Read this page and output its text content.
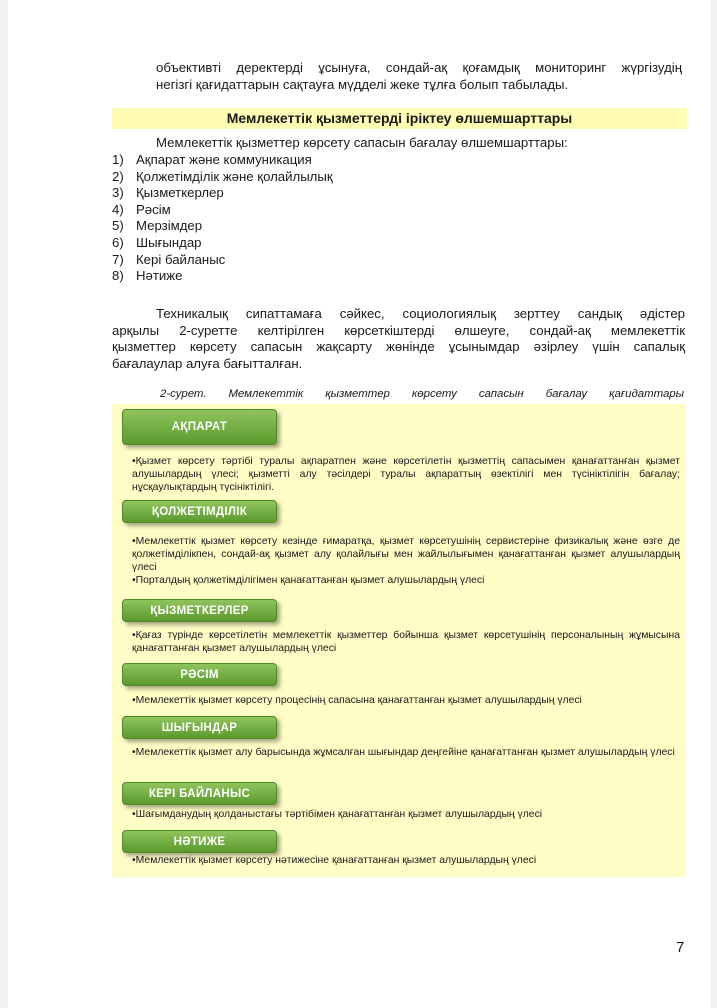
объективті деректерді ұсынуға, сондай-ақ қоғамдық мониторинг жүргізудің
негізгі қағидаттарын сақтауға мүдделі жеке тұлға болып табылады.

Мемлекеттік қызметтерді іріктеу өлшемшарттары
Мемлекеттік қызметтер көрсету сапасын бағалау өлшемшарттары:
1) Ақпарат және коммуникация
2) Қолжетімділік және қолайлылық
3) Қызметкерлер
4) Рәсім
5) Мерзімдер
6) Шығындар
7) Кері байланыс
8) Нәтиже

Техникалық сипаттамаға сәйкес, социологиялық зерттеу сандық әдістер
арқылы 2-суретте келтірілген көрсеткіштерді өлшеуге, сондай-ақ мемлекеттік
қызметтер көрсету сапасын жақсарту жөнінде ұсынымдар әзірлеу үшін сапалық
бағалаулар алуға бағытталған.

2-сурет. Мемлекеттік қызметтер көрсету сапасын бағалау қағидаттары
АҚПАРАТ
•Қызмет көрсету тәртібі туралы ақпаратпен және көрсетілетін қызметтің сапасымен қанағаттанған қызмет алушылардың үлесі; қызметті алу тәсілдері туралы ақпараттың өзектілігі мен түсініктілігін бағалау; нұсқаулықтардың түсініктілігі.
ҚОЛЖЕТІМДІЛІК
•Мемлекеттік қызмет көрсету кезінде ғимаратқа, қызмет көрсетушінің сервистеріне физикалық және өзге де қолжетімділікпен, сондай-ақ қызмет алу қолайлығы мен жайлылығымен қанағаттанған қызмет алушылардың үлесі
•Порталдың қолжетімділігімен қанағаттанған қызмет алушылардың үлесі
ҚЫЗМЕТКЕРЛЕР
•Қағаз түрінде көрсетілетін мемлекеттік қызметтер бойынша қызмет көрсетушінің персоналының жұмысына қанағаттанған қызмет алушылардың үлесі
РӘСІМ
•Мемлекеттік қызмет көрсету процесінің сапасына қанағаттанған қызмет алушылардың үлесі
ШЫҒЫНДАР
•Мемлекеттік қызмет алу барысында жұмсалған шығындар деңгейіне қанағаттанған қызмет алушылардың үлесі
КЕРІ БАЙЛАНЫС
•Шағымданудың қолданыстағы тәртібімен қанағаттанған қызмет алушылардың үлесі
НӘТИЖЕ
•Мемлекеттік қызмет көрсету нәтижесіне қанағаттанған қызмет алушылардың үлесі
7
